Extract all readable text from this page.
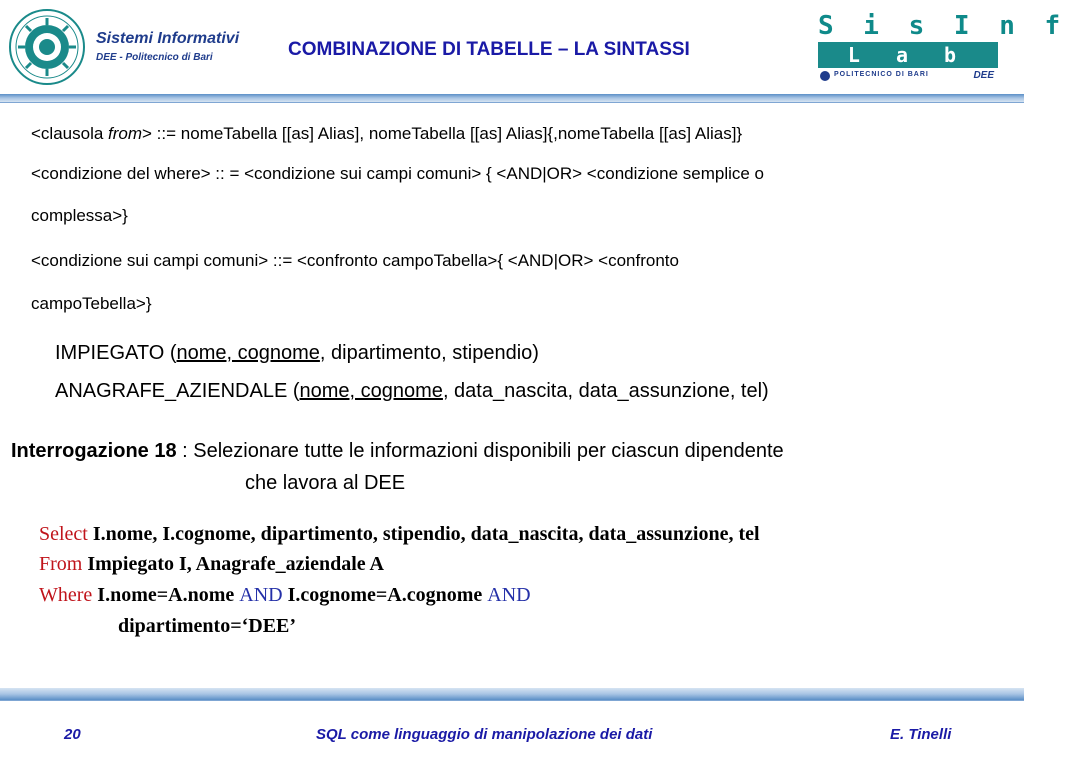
Sistemi Informativi
DEE - Politecnico di Bari	COMBINAZIONE DI TABELLE – LA SINTASSI
S i s I n f
L a b
POLITECNICO DI BARI	DEE
<clausola from> ::= nomeTabella [[as] Alias], nomeTabella [[as] Alias]{,nomeTabella [[as] Alias]}
<condizione del where> :: = <condizione sui campi comuni> { <AND|OR> <condizione semplice o
complessa>}
<condizione sui campi comuni> ::= <confronto campoTabella>{ <AND|OR> <confronto
campoTebella>}
IMPIEGATO (nome, cognome, dipartimento, stipendio)
ANAGRAFE_AZIENDALE (nome, cognome, data_nascita, data_assunzione, tel)
Interrogazione 18 : Selezionare tutte le informazioni disponibili per ciascun dipendente
che lavora al DEE
Select I.nome, I.cognome, dipartimento, stipendio, data_nascita, data_assunzione, tel
From Impiegato I, Anagrafe_aziendale A
Where I.nome=A.nome AND I.cognome=A.cognome AND
dipartimento=‘DEE’
20	SQL come linguaggio di manipolazione dei dati	E. Tinelli
